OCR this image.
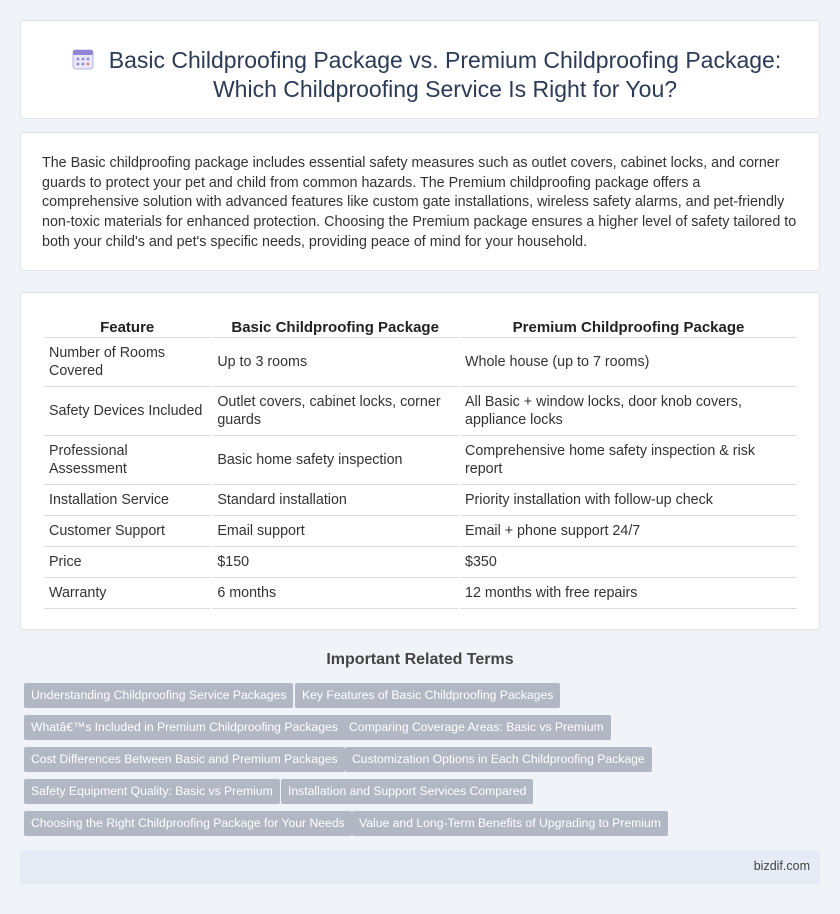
Basic Childproofing Package vs. Premium Childproofing Package: Which Childproofing Service Is Right for You?

The Basic childproofing package includes essential safety measures such as outlet covers, cabinet locks, and corner guards to protect your pet and child from common hazards. The Premium childproofing package offers a comprehensive solution with advanced features like custom gate installations, wireless safety alarms, and pet-friendly non-toxic materials for enhanced protection. Choosing the Premium package ensures a higher level of safety tailored to both your child's and pet's specific needs, providing peace of mind for your household.

Feature	Basic Childproofing Package	Premium Childproofing Package
Number of Rooms Covered	Up to 3 rooms	Whole house (up to 7 rooms)
Safety Devices Included	Outlet covers, cabinet locks, corner guards	All Basic + window locks, door knob covers, appliance locks
Professional Assessment	Basic home safety inspection	Comprehensive home safety inspection & risk report
Installation Service	Standard installation	Priority installation with follow-up check
Customer Support	Email support	Email + phone support 24/7
Price	$150	$350
Warranty	6 months	12 months with free repairs
Important Related Terms
Understanding Childproofing Service Packages	Key Features of Basic Childproofing Packages
Whatâ€™s Included in Premium Childproofing Packages Comparing Coverage Areas: Basic vs Premium
Cost Differences Between Basic and Premium Packages	Customization Options in Each Childproofing Package
Safety Equipment Quality: Basic vs Premium	Installation and Support Services Compared
Choosing the Right Childproofing Package for Your Needs	Value and Long-Term Benefits of Upgrading to Premium
bizdif.com
